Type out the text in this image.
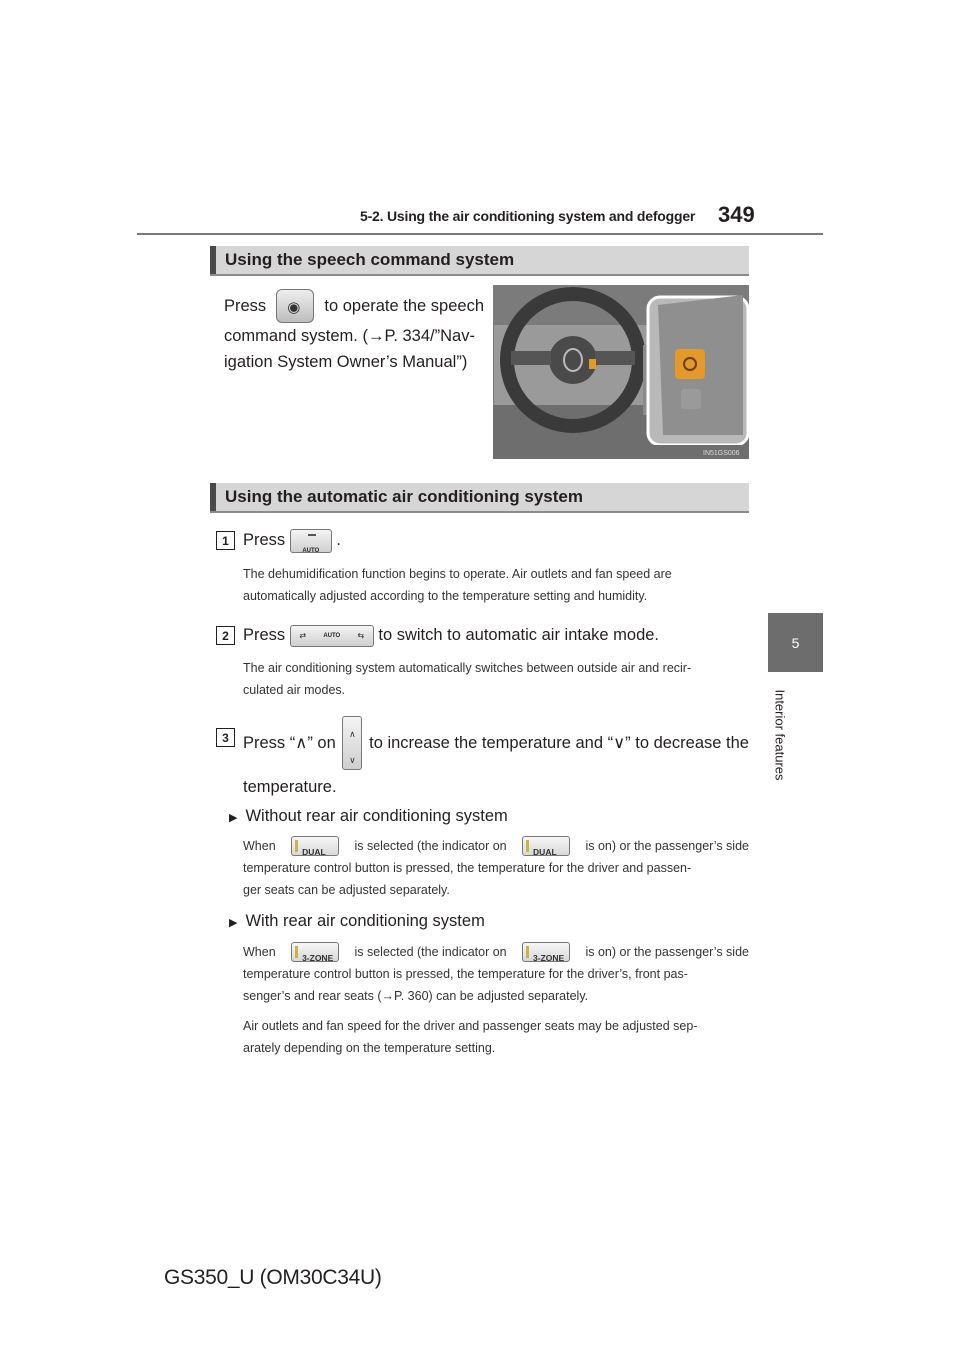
5-2. Using the air conditioning system and defogger 349
5
Interior features
Using the speech command system
Press ◉ to operate the speech
command system. (→P. 334/”Nav-
igation System Owner’s Manual”)
IN51GS006
Using the automatic air conditioning system
1 Press
AUTO
.
The dehumidification function begins to operate. Air outlets and fan speed are
automatically adjusted according to the temperature setting and humidity.
2 Press ⇄	AUTO ⇆ to switch to automatic air intake mode.
The air conditioning system automatically switches between outside air and recir-
culated air modes.
3 Press “∧” on ∧
∨
to increase the temperature and “∨” to decrease the
temperature.
▶ Without rear air conditioning system
When	DUAL is selected (the indicator on	DUAL is on) or the passenger’s side
temperature control button is pressed, the temperature for the driver and passen-
ger seats can be adjusted separately.
▶ With rear air conditioning system
When	3-ZONE is selected (the indicator on	3-ZONE is on) or the passenger’s side
temperature control button is pressed, the temperature for the driver’s, front pas-
senger’s and rear seats (→P. 360) can be adjusted separately.
Air outlets and fan speed for the driver and passenger seats may be adjusted sep-
arately depending on the temperature setting.
GS350_U (OM30C34U)
